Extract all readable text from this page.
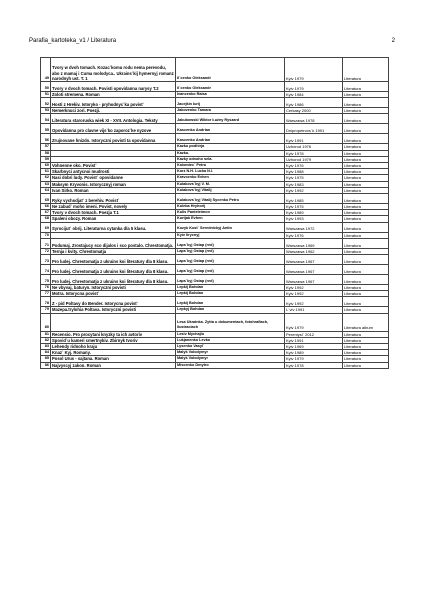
Parafia_kartoteka_v1 / Literatura	2
49	Tvory w dvoh tomach. Kozac`komu rodu nema perevodu, abo z mamaj i Cuma molodyca.. Ukrains`kij hymernyj romanz narodnyh ust. T. 1	Il`cenko Oleksandr	Kyiv 1979	Literatura
50	Tvory v dvoch tomach. Povisti opovidanna narysy T.2	Il`cenko Oleksandr	Kyiv 1979	Literatura
51	Zoloti stremena. Roman	Ivancenko Raisa	Kyiv 1984	Literatura
52	Hosti z Hrekiv. Istoryko - pryhodnyc`ka povist`	Jacejkin Iurij	Kyiv 1986	Literatura
53	Nemerknuci zori. Poezji.	Jakovenko Tamara	Cerkasy 2000	Literatura
54	Literatura staroruska wiek XI - XVII. Antologia. Teksty	Jakubowski Wiktor Łużny Ryszard	Warszawa 1978	Literatura
55	Opovidanna pro clavne vijs`ko zaporoz`ke nyzove	Kascenko Andrian	Dnipropetrovs`k 1991	Literatura
56	Zrujnovane hnizdo. Istoryczni povisti ta opovidanna	Kascenko Andrian	Kyiv 1991	Literatura
57		Kazku podhirja	Uzhorod 1976	Literatura
58		Kazku.	Kyiv 1978	Literatura
59		Kazky odnoho sela.	Uzhorod 1979	Literatura
60	Vohnenne oko. Povist`	Kolomiec` Petro	Kyiv 1976	Literatura
61	Skarbnyci antycnoi mudrosti	Korz N.H. Lucka N.I.	Kyiv 1988	Literatura
62	Nasi dobri ludy. Povist` opovidanne	Kravcenko Evhen	Kyiv 1975	Literatura
63	Maksym Kryvonis. Istorycznyj roman	Kulakovs`kyj V. M.	Kyiv 1983	Literatura
64	Ivan Sirko. Roman	Kulakovs`kyj Vitalij	Kyiv 1992	Literatura
65	Ryky vychodjat` z berehiv. Povist`	Kulakovs`kyj Vitalij Sycenko Petro	Kyiv 1985	Literatura
66	Ne zabud` moho imeni. Povist, novely	Kuleba Hryhorij	Kyiv 1975	Literatura
67	Tvory v dvoch tomach. Poezja T.1	Kulis Panteleimon	Kyiv 1989	Literatura
68	Spaleni obozy. Roman	Kurtjak Evhen	Kyiv 1993	Literatura
69	Syrocijut` obrij. Literaturna cytanka dla 5 klasu.	Kuzyk Kost` Serednickyj Antin	Warszawa 1972	Literatura
70		Kyiv lirycnyj	Kyiv 1976	Literatura
71	Podumaj. Zrostajucy sco dijalos i sco postalo. Chrestomatja.	Laps`kyj Ostap (red)	Warszawa 1969	Literatura
72	Ternja i kvity. Chrestomatja	Laps`kyj Ostap (red)	Warszawa 1962	Literatura
73	Pro ludej. Chrestomatja z ukrains koi literatury dla 8 klasu.	Laps`kyj Ostap (red)	Warszawa 1967	Literatura
74	Pro ludej. Chrestomatja z ukrains koi literatury dla 8 klasu.	Laps`kyj Ostap (red)	Warszawa 1967	Literatura
75	Pro ludej. Chrestomatja z ukrains koi literatury dla 8 klasu.	Laps`kyj Ostap (red)	Warszawa 1967	Literatura
76	Ne vbyvaj, baturyn. Istoryczni povisti	Lepkij Bohdan	Kyiv 1992	Literatura
77	Motra. Istorycna povist`	Lepkij Bohdan	Kyiv 1992	Literatura
78	Z - pid Poltavy do Bender. Istorycna povist`	Lepkij Bohdan	Kyiv 1992	Literatura
79	Mazepa.trylohia Poltava. Istoryczni povisti	Lepkyj Bohdan	L`viv 1991	Literatura
80		Lesa Ukrainka. Zytta u dokumentach, fotohrafiach, ilustraciach	Kyiv 1979	Literatura album
81	Recensio. Pro procytani knyzky ta ich avtoriv	Lesiv Mychajlo	Peremysl` 2012	Literatura
82	Spovid`u kameri cmertnykiv. Zbirnyk tvoriv	Lukjanenko Levko	Kyiv 1991	Literatura
83	Lehendy ridnoho kraju	Lysenko Vasyl`	Kyiv 1969	Literatura
84	Knaz` Kyj. Romany.	Malyk Volodymyr	Kyiv 1989	Literatura
85	Posol Urus - sajtana. Roman	Malyk Volodymyr	Kyiv 1979	Literatura
86	Najvyscyj zakon. Roman	Miscenko Dmytro	Kyiv 1978	Literatura
